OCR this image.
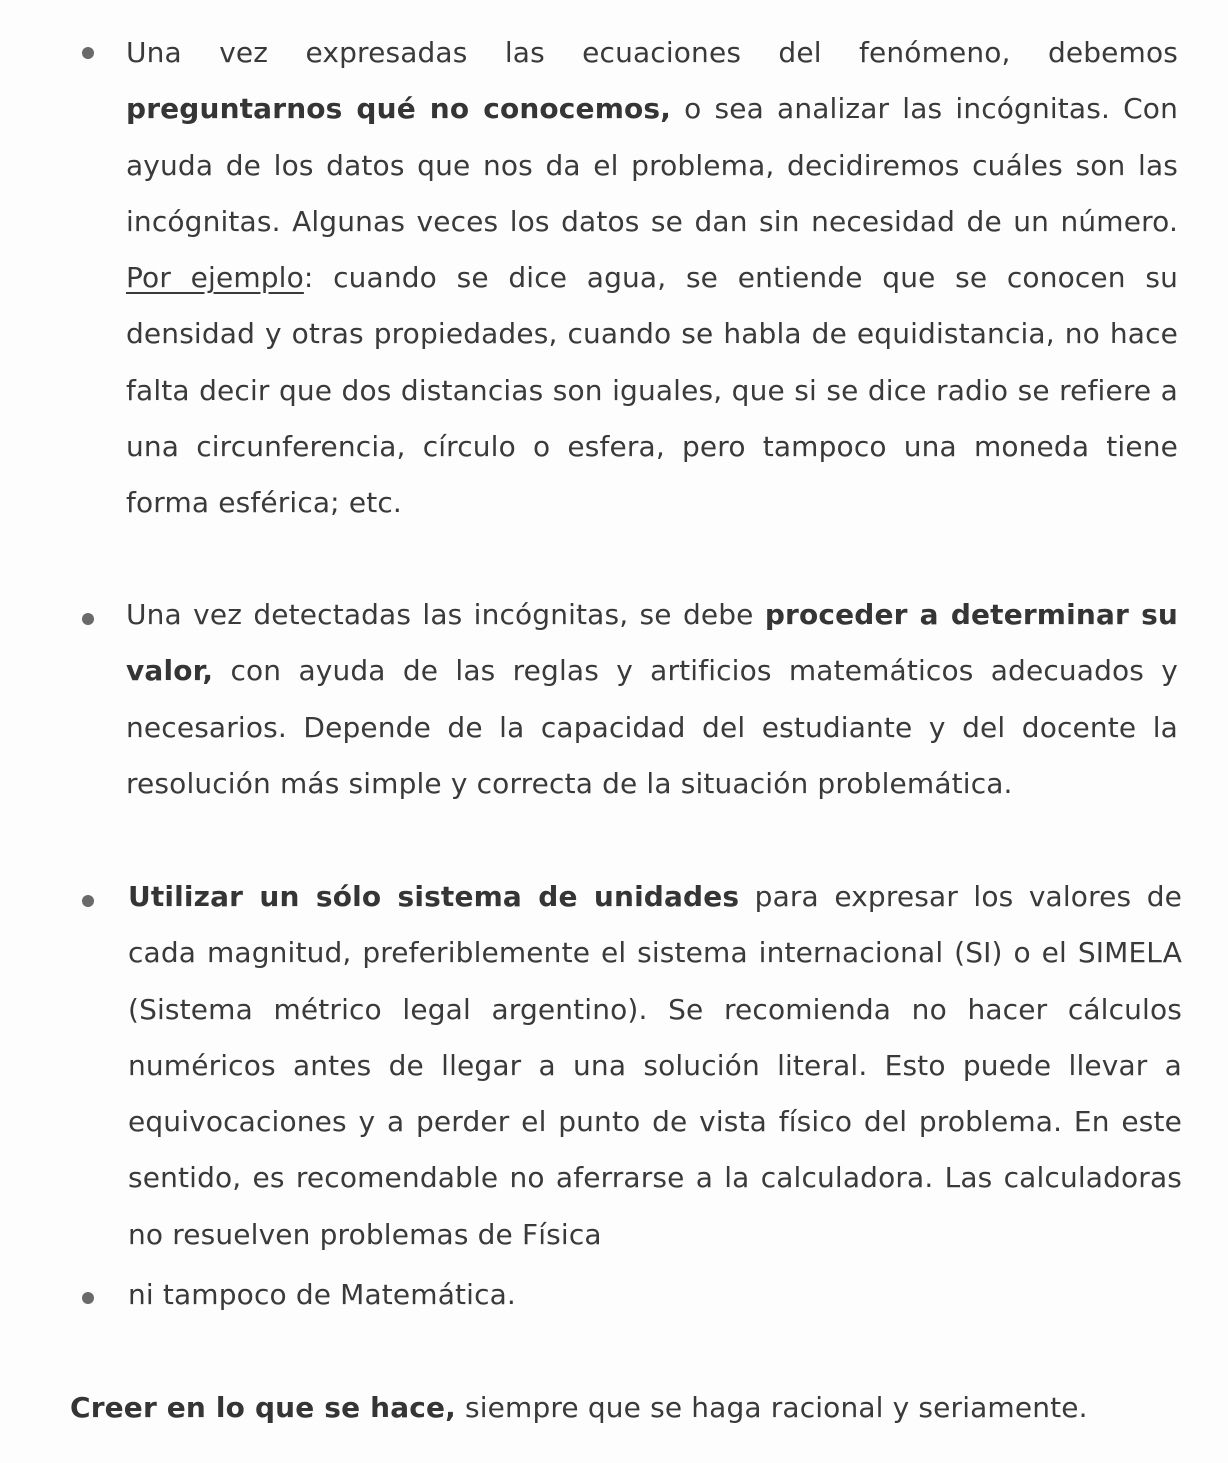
Una vez expresadas las ecuaciones del fenómeno, debemos preguntarnos qué no conocemos, o sea analizar las incógnitas. Con ayuda de los datos que nos da el problema, decidiremos cuáles son las incógnitas. Algunas veces los datos se dan sin necesidad de un número. Por ejemplo: cuando se dice agua, se entiende que se conocen su densidad y otras propiedades, cuando se habla de equidistancia, no hace falta decir que dos distancias son iguales, que si se dice radio se refiere a una circunferencia, círculo o esfera, pero tampoco una moneda tiene forma esférica; etc.
Una vez detectadas las incógnitas, se debe proceder a determinar su valor, con ayuda de las reglas y artificios matemáticos adecuados y necesarios. Depende de la capacidad del estudiante y del docente la resolución más simple y correcta de la situación problemática.
Utilizar un sólo sistema de unidades para expresar los valores de cada magnitud, preferiblemente el sistema internacional (SI) o el SIMELA (Sistema métrico legal argentino). Se recomienda no hacer cálculos numéricos antes de llegar a una solución literal. Esto puede llevar a equivocaciones y a perder el punto de vista físico del problema. En este sentido, es recomendable no aferrarse a la calculadora. Las calculadoras no resuelven problemas de Física
ni tampoco de Matemática.
Creer en lo que se hace, siempre que se haga racional y seriamente.
